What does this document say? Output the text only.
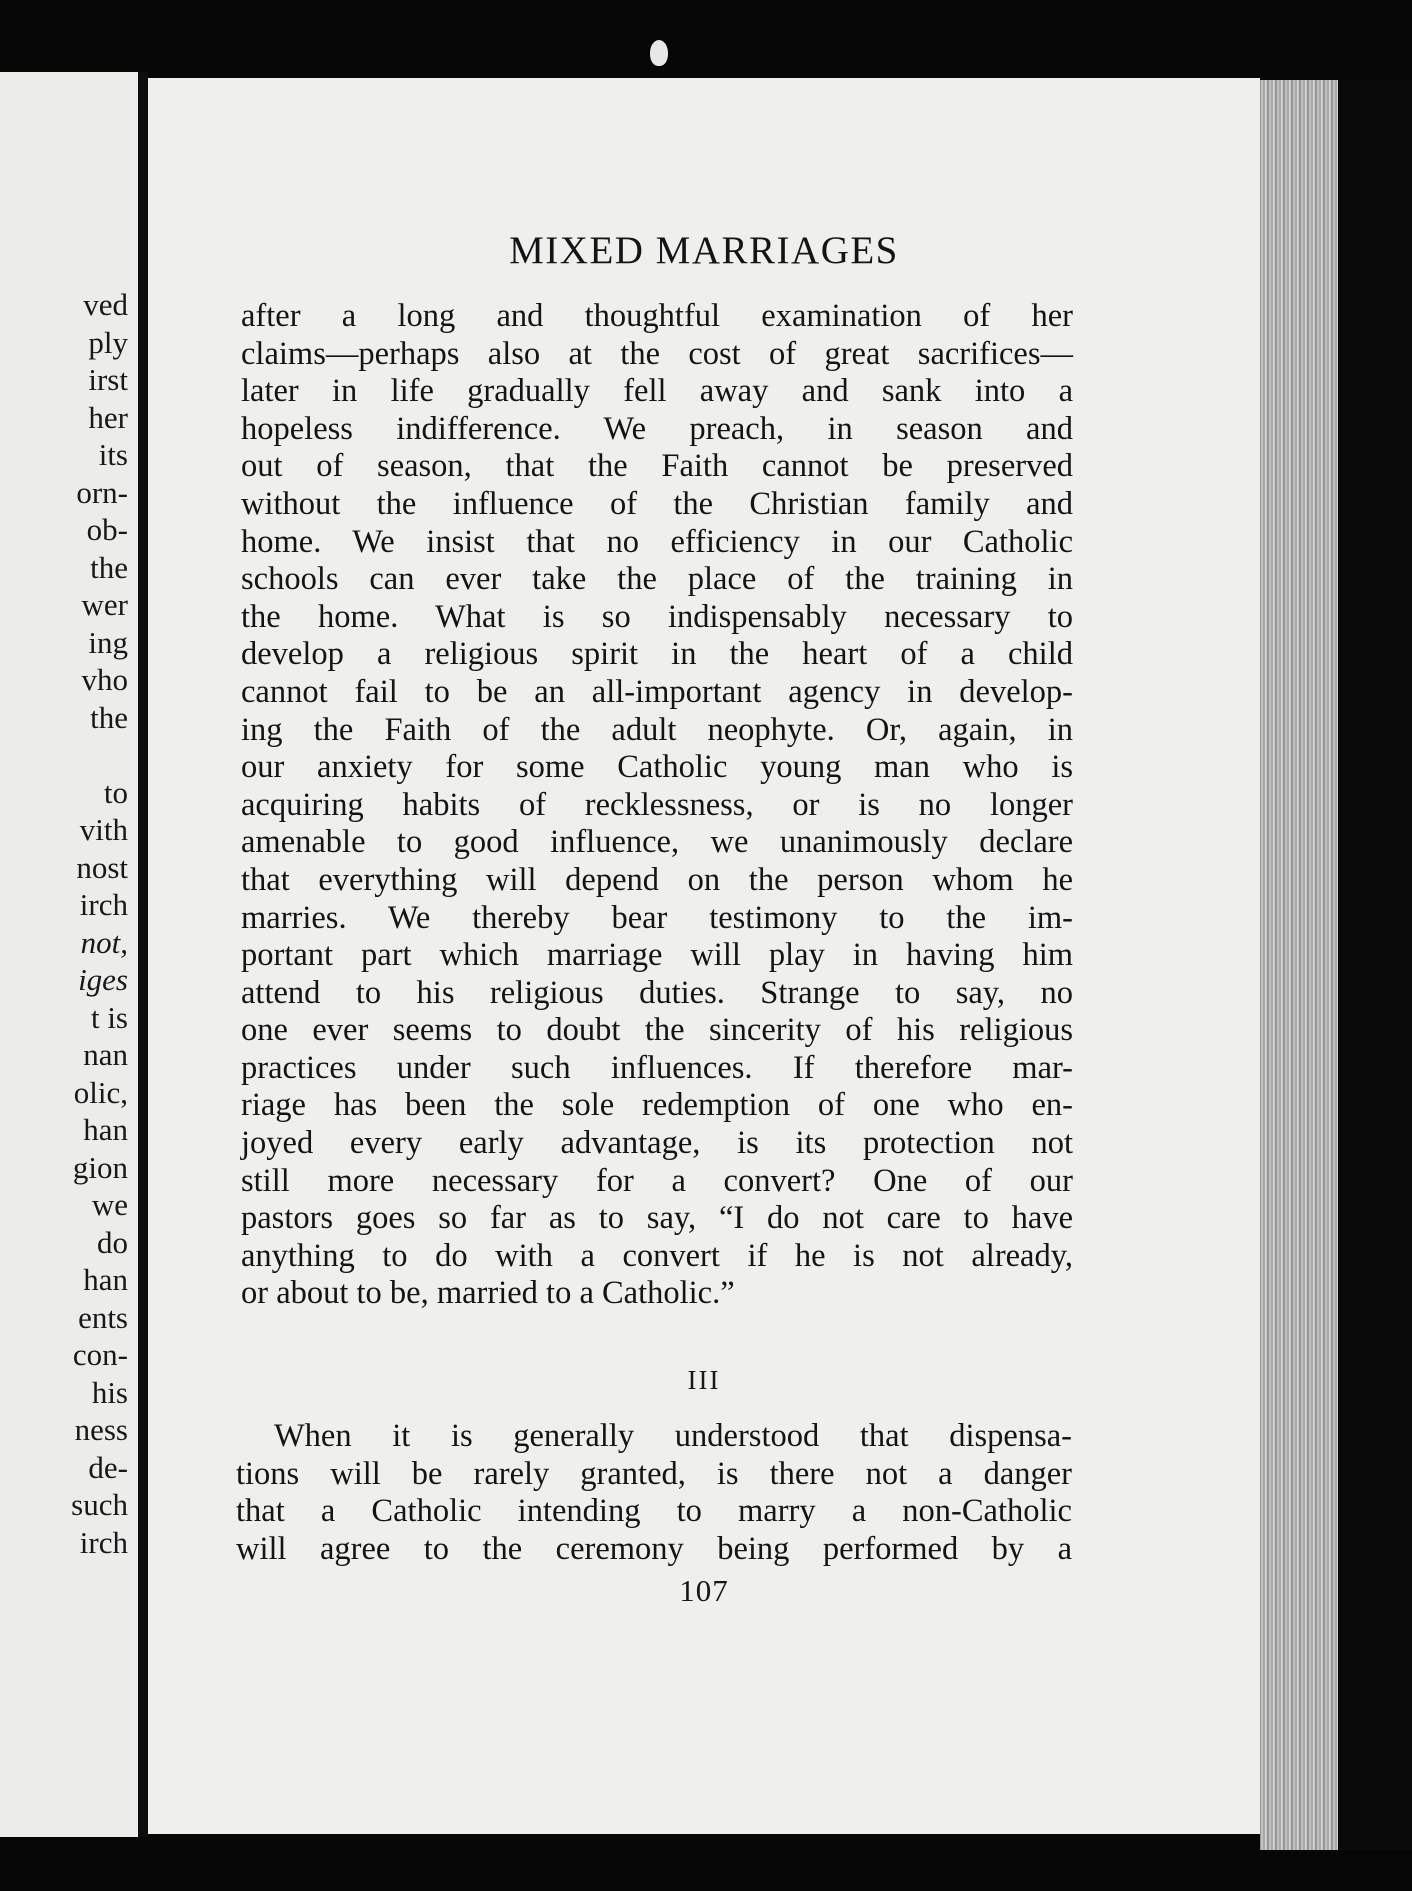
ved
ply
irst
her
its
orn-
ob-
the
wer
ing
vho
the
to
vith
nost
irch
not,
iges
t is
nan
olic,
han
gion
we
do
han
ents
con-
his
ness
de-
such
irch
MIXED MARRIAGES
after a long and thoughtful examination of her
claims—perhaps also at the cost of great sacrifices—
later in life gradually fell away and sank into a
hopeless indifference. We preach, in season and
out of season, that the Faith cannot be preserved
without the influence of the Christian family and
home. We insist that no efficiency in our Catholic
schools can ever take the place of the training in
the home. What is so indispensably necessary to
develop a religious spirit in the heart of a child
cannot fail to be an all-important agency in develop-
ing the Faith of the adult neophyte. Or, again, in
our anxiety for some Catholic young man who is
acquiring habits of recklessness, or is no longer
amenable to good influence, we unanimously declare
that everything will depend on the person whom he
marries. We thereby bear testimony to the im-
portant part which marriage will play in having him
attend to his religious duties. Strange to say, no
one ever seems to doubt the sincerity of his religious
practices under such influences. If therefore mar-
riage has been the sole redemption of one who en-
joyed every early advantage, is its protection not
still more necessary for a convert? One of our
pastors goes so far as to say, “I do not care to have
anything to do with a convert if he is not already,
or about to be, married to a Catholic.”
III
When it is generally understood that dispensa-
tions will be rarely granted, is there not a danger
that a Catholic intending to marry a non-Catholic
will agree to the ceremony being performed by a
107
